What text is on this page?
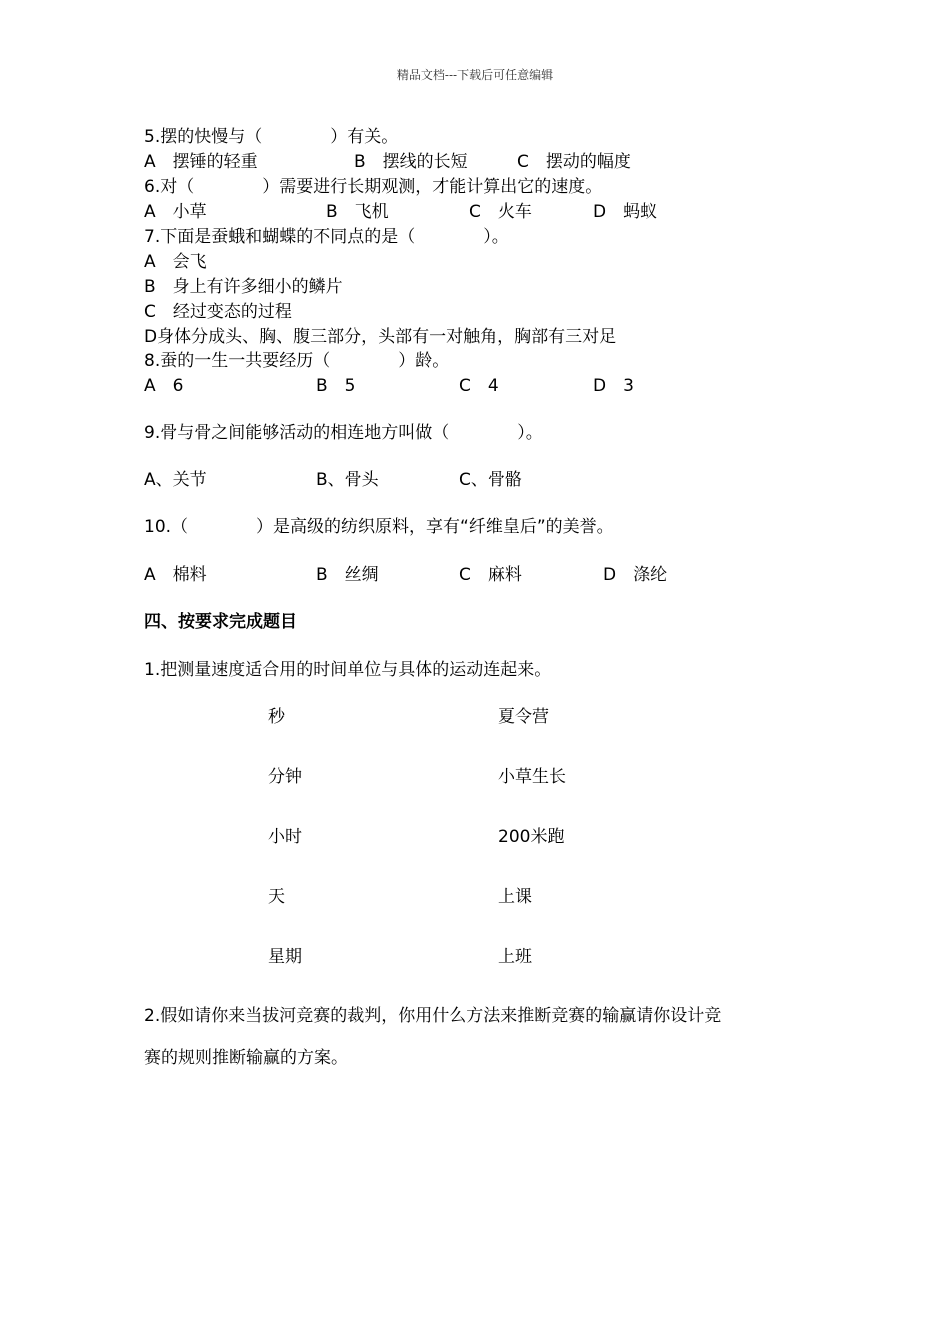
精品文档---下载后可任意编辑
5.摆的快慢与（　　　　）有关。
A　摆锤的轻重	B　摆线的长短	C　摆动的幅度
6.对（　　　　）需要进行长期观测，才能计算出它的速度。
A　小草	B　飞机	C　火车	D　蚂蚁
7.下面是蚕蛾和蝴蝶的不同点的是（　　　　）。
A　会飞
B　身上有许多细小的鳞片
C　经过变态的过程
D身体分成头、胸、腹三部分，头部有一对触角，胸部有三对足
8.蚕的一生一共要经历（　　　　）龄。
A　6	B　5	C　4	D　3
9.骨与骨之间能够活动的相连地方叫做（　　　　）。
A、关节	B、骨头	C、骨骼
10.（　　　　）是高级的纺织原料，享有“纤维皇后”的美誉。
A　棉料	B　丝绸	C　麻料	D　涤纶
四、按要求完成题目
1.把测量速度适合用的时间单位与具体的运动连起来。
秒	夏令营
分钟	小草生长
小时	200米跑
天	上课
星期	上班
2.假如请你来当拔河竞赛的裁判，你用什么方法来推断竞赛的输赢请你设计竞
赛的规则推断输赢的方案。
